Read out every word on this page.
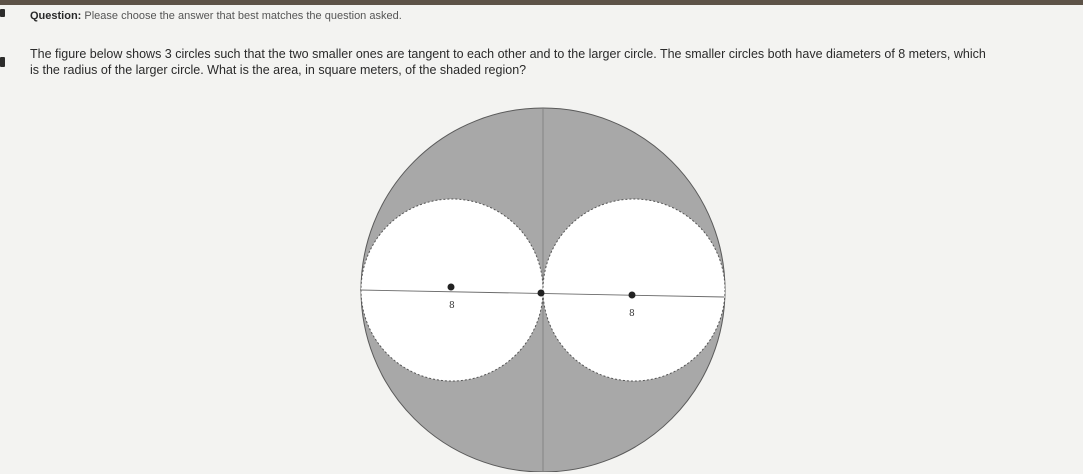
Question: Please choose the answer that best matches the question asked.
The figure below shows 3 circles such that the two smaller ones are tangent to each other and to the larger circle. The smaller circles both have diameters of 8 meters, which
is the radius of the larger circle. What is the area, in square meters, of the shaded region?
8
8
